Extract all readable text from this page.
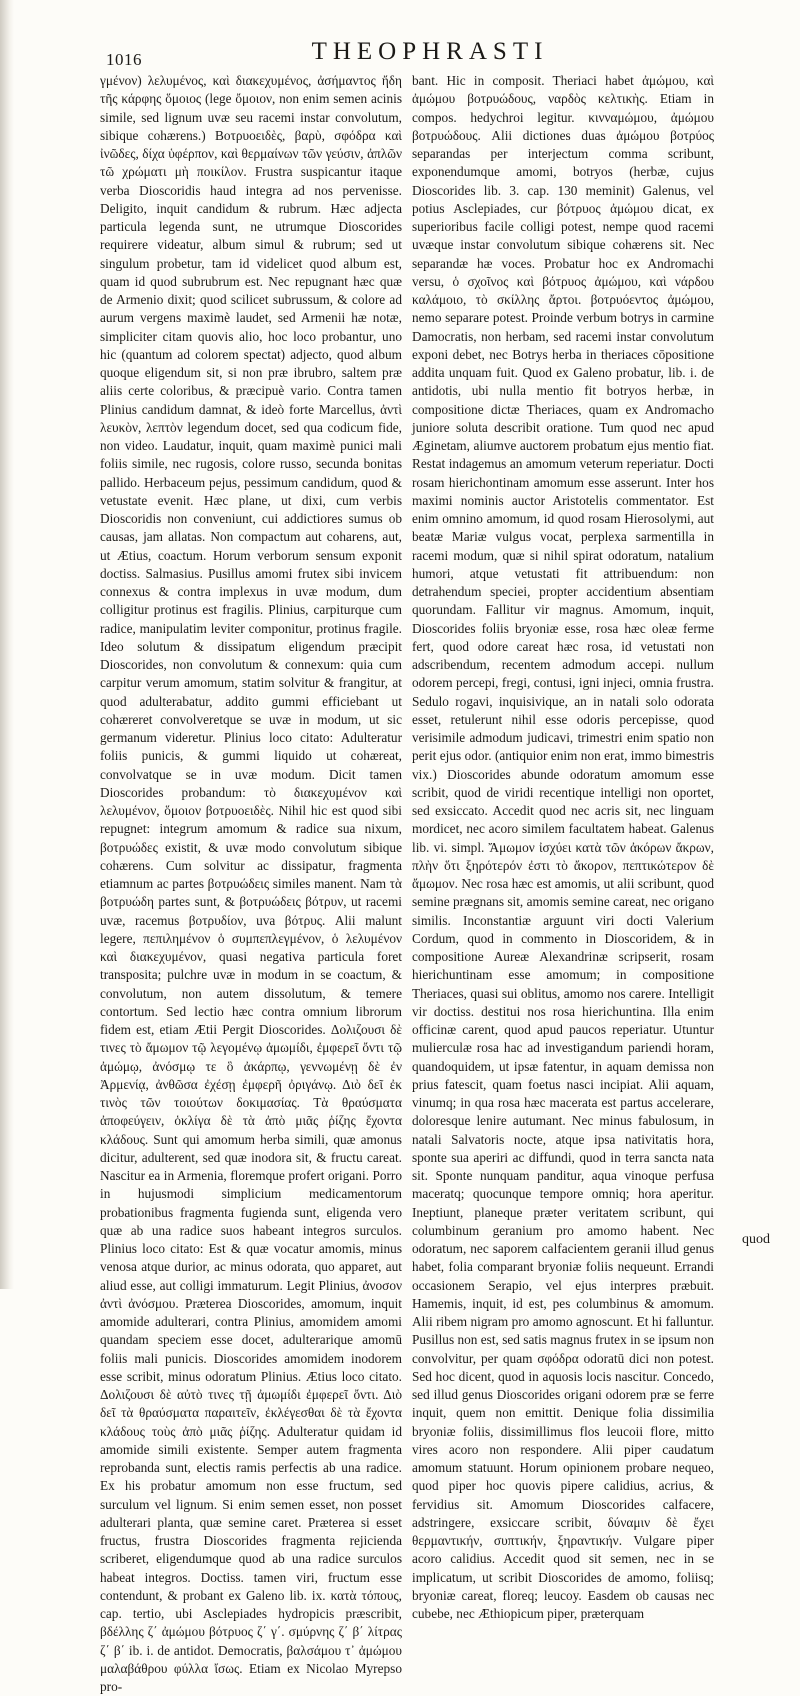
1016	THEOPHRASTI

γμένον) λελυμένος, καὶ διακεχυμένος, ἀσήμαντος ἤδη τῆς κάρφης ὅμοιος (lege ὄμοιον, non enim semen acinis simile, sed lignum uvæ seu racemi instar convolutum, sibique cohærens.) Βοτρυοειδὲς, βαρὺ, σφόδρα καὶ ἰνῶδες, δίχα ὑφέρπον, καὶ θερμαίνων τῶν γεύσιν, ἀπλῶν τῶ χρώματι μὴ ποικίλον. Frustra suspicantur itaque verba Dioscoridis haud integra ad nos pervenisse. Deligito, inquit candidum & rubrum. Hæc adjecta particula legenda sunt, ne utrumque Dioscorides requirere videatur, album simul & rubrum; sed ut singulum probetur, tam id videlicet quod album est, quam id quod subrubrum est. Nec repugnant hæc quæ de Armenio dixit; quod scilicet subrussum, & colore ad aurum vergens maximè laudet, sed Armenii hæ notæ, simpliciter citam quovis alio, hoc loco probantur, uno hic (quantum ad colorem spectat) adjecto, quod album quoque eligendum sit, si non præ ibrubro, saltem præ aliis certe coloribus, & præcipuè vario. Contra tamen Plinius candidum damnat, & ideò forte Marcellus, ἀντὶ λευκὸν, λεπτὸν legendum docet, sed qua codicum fide, non video. Laudatur, inquit, quam maximè punici mali foliis simile, nec rugosis, colore russo, secunda bonitas pallido. Herbaceum pejus, pessimum candidum, quod & vetustate evenit. Hæc plane, ut dixi, cum verbis Dioscoridis non conveniunt, cui addictiores sumus ob causas, jam allatas. Non compactum aut coharens, aut, ut Ætius, coactum. Horum verborum sensum exponit doctiss. Salmasius. Pusillus amomi frutex sibi invicem connexus & contra implexus in uvæ modum, dum colligitur protinus est fragilis. Plinius, carpiturque cum radice, manipulatim leviter componitur, protinus fragile. Ideo solutum & dissipatum eligendum præcipit Dioscorides, non convolutum & connexum: quia cum carpitur verum amomum, statim solvitur & frangitur, at quod adulterabatur, addito gummi efficiebant ut cohæreret convolveretque se uvæ in modum, ut sic germanum videretur. Plinius loco citato: Adulteratur foliis punicis, & gummi liquido ut cohæreat, convolvatque se in uvæ modum. Dicit tamen Dioscorides probandum: τὸ διακεχυμένον καὶ λελυμένον, ὅμοιον βοτρυοειδὲς. Nihil hic est quod sibi repugnet: integrum amomum & radice sua nixum, βοτρυώδες existit, & uvæ modo convolutum sibique cohærens. Cum solvitur ac dissipatur, fragmenta etiamnum ac partes βοτρυώδεις similes manent. Nam τὰ βοτρυώδη partes sunt, & βοτρυώδεις βότρυν, ut racemi uvæ, racemus βοτρυδίον, uva βότρυς. Alii malunt legere, πεπιλημένον ὁ συμπεπλεγμένον, ὁ λελυμένον καὶ διακεχυμένον, quasi negativa particula foret transposita; pulchre uvæ in modum in se coactum, & convolutum, non autem dissolutum, & temere contortum. Sed lectio hæc contra omnium librorum fidem est, etiam Ætii Pergit Dioscorides. Δολιζουσι δὲ τινες τὸ ἄμωμον τῷ λεγομένῳ ἀμωμίδι, ἐμφερεῖ ὄντι τῷ ἀμώμῳ, ἀνόσμῳ τε ὃ ἀκάρπῳ, γεννωμένῃ δὲ ἐν Ἀρμενίᾳ, ἀνθῶσα ἐχέσῃ ἐμφερῆ ὀριγάνῳ. Διὸ δεῖ ἐκ τινὸς τῶν τοιούτων δοκιμασίας. Τὰ θραύσματα ἀποφεύγειν, ὁκλίγα δὲ τὰ ἀπὸ μιᾶς ῥίζης ἔχοντα κλάδους. Sunt qui amomum herba simili, quæ amonus dicitur, adulterent, sed quæ inodora sit, & fructu careat. Nascitur ea in Armenia, floremque profert origani. Porro in hujusmodi simplicium medicamentorum probationibus fragmenta fugienda sunt, eligenda vero quæ ab una radice suos habeant integros surculos. Plinius loco citato: Est & quæ vocatur amomis, minus venosa atque durior, ac minus odorata, quo apparet, aut aliud esse, aut colligi immaturum. Legit Plinius, ἀνοσον ἀντὶ ἀνόσμου. Præterea Dioscorides, amomum, inquit amomide adulterari, contra Plinius, amomidem amomi quandam speciem esse docet, adulterarique amomū foliis mali punicis. Dioscorides amomidem inodorem esse scribit, minus odoratum Plinius. Ætius loco citato. Δολιζουσι δὲ αὐτὸ τινες τῇ ἀμωμίδι ἐμφερεῖ ὄντι. Διὸ δεῖ τὰ θραύσματα παραιτεῖν, ἐκλέγεσθαι δὲ τὰ ἔχοντα κλάδους τοὺς ἀπὸ μιᾶς ῥίζης. Adulteratur quidam id amomide simili existente. Semper autem fragmenta reprobanda sunt, electis ramis perfectis ab una radice. Ex his probatur amomum non esse fructum, sed surculum vel lignum. Si enim semen esset, non posset adulterari planta, quæ semine caret. Præterea si esset fructus, frustra Dioscorides fragmenta rejicienda scriberet, eligendumque quod ab una radice surculos habeat integros. Doctiss. tamen viri, fructum esse contendunt, & probant ex Galeno lib. ix. κατὰ τόπους, cap. tertio, ubi Asclepiades hydropicis præscribit, βδέλλης ζ΄ ἀμώμου βότρυος ζ΄ γ΄. σμύρνης ζ΄ β΄ λίτρας ζ΄ β΄ ib. i. de antidot. Democratis, βαλσάμου τ᾽ ἀμώμου μαλαβάθρου φύλλα ἴσως. Etiam ex Nicolao Myrepso pro-

bant. Hic in composit. Theriaci habet ἀμώμου, καὶ ἀμώμου βοτρυώδους, ναρδὸς κελτικὴς. Etiam in compos. hedychroi legitur. κινναμώμου, ἀμώμου βοτρυώδους. Alii dictiones duas ἀμώμου βοτρύος separandas per interjectum comma scribunt, exponendumque amomi, botryos (herbæ, cujus Dioscorides lib. 3. cap. 130 meminit) Galenus, vel potius Asclepiades, cur βότρυος ἀμώμου dicat, ex superioribus facile colligi potest, nempe quod racemi uvæque instar convolutum sibique cohærens sit. Nec separandæ hæ voces. Probatur hoc ex Andromachi versu, ὁ σχοῖνος καὶ βότρυος ἀμώμου, καὶ νάρδου καλάμοιο, τὸ σκίλλης ἄρτοι. βοτρυόεντος ἀμώμου, nemo separare potest. Proinde verbum botrys in carmine Damocratis, non herbam, sed racemi instar convolutum exponi debet, nec Botrys herba in theriaces cōpositione addita unquam fuit. Quod ex Galeno probatur, lib. i. de antidotis, ubi nulla mentio fit botryos herbæ, in compositione dictæ Theriaces, quam ex Andromacho juniore soluta describit oratione. Tum quod nec apud Æginetam, aliumve auctorem probatum ejus mentio fiat. Restat indagemus an amomum veterum reperiatur. Docti rosam hierichontinam amomum esse asserunt. Inter hos maximi nominis auctor Aristotelis commentator. Est enim omnino amomum, id quod rosam Hierosolymi, aut beatæ Mariæ vulgus vocat, perplexa sarmentilla in racemi modum, quæ si nihil spirat odoratum, natalium humori, atque vetustati fit attribuendum: non detrahendum speciei, propter accidentium absentiam quorundam. Fallitur vir magnus. Amomum, inquit, Dioscorides foliis bryoniæ esse, rosa hæc oleæ ferme fert, quod odore careat hæc rosa, id vetustati non adscribendum, recentem admodum accepi. nullum odorem percepi, fregi, contusi, igni injeci, omnia frustra. Sedulo rogavi, inquisivique, an in natali solo odorata esset, retulerunt nihil esse odoris percepisse, quod verisimile admodum judicavi, trimestri enim spatio non perit ejus odor. (antiquior enim non erat, immo bimestris vix.) Dioscorides abunde odoratum amomum esse scribit, quod de viridi recentique intelligi non oportet, sed exsiccato. Accedit quod nec acris sit, nec linguam mordicet, nec acoro similem facultatem habeat. Galenus lib. vi. simpl. Ἄμωμον ἰσχύει κατὰ τῶν ἀκόρων ἄκρων, πλὴν ὅτι ξηρότερόν ἐστι τὸ ἄκορον, πεπτικώτερον δὲ ἄμωμον. Nec rosa hæc est amomis, ut alii scribunt, quod semine prægnans sit, amomis semine careat, nec origano similis. Inconstantiæ arguunt viri docti Valerium Cordum, quod in commento in Dioscoridem, & in compositione Aureæ Alexandrinæ scripserit, rosam hierichuntinam esse amomum; in compositione Theriaces, quasi sui oblitus, amomo nos carere. Intelligit vir doctiss. destitui nos rosa hierichuntina. Illa enim officinæ carent, quod apud paucos reperiatur. Utuntur mulierculæ rosa hac ad investigandum pariendi horam, quandoquidem, ut ipsæ fatentur, in aquam demissa non prius fatescit, quam foetus nasci incipiat. Alii aquam, vinumq; in qua rosa hæc macerata est partus accelerare, doloresque lenire autumant. Nec minus fabulosum, in natali Salvatoris nocte, atque ipsa nativitatis hora, sponte sua aperiri ac diffundi, quod in terra sancta nata sit. Sponte nunquam panditur, aqua vinoque perfusa maceratq; quocunque tempore omniq; hora aperitur. Ineptiunt, planeque præter veritatem scribunt, qui columbinum geranium pro amomo habent. Nec odoratum, nec saporem calfacientem geranii illud genus habet, folia comparant bryoniæ foliis nequeunt. Errandi occasionem Serapio, vel ejus interpres præbuit. Hamemis, inquit, id est, pes columbinus & amomum. Alii ribem nigram pro amomo agnoscunt. Et hi falluntur. Pusillus non est, sed satis magnus frutex in se ipsum non convolvitur, per quam σφόδρα odoratū dici non potest. Sed hoc dicent, quod in aquosis locis nascitur. Concedo, sed illud genus Dioscorides origani odorem præ se ferre inquit, quem non emittit. Denique folia dissimilia bryoniæ foliis, dissimillimus flos leucoii flore, mitto vires acoro non respondere. Alii piper caudatum amomum statuunt. Horum opinionem probare nequeo, quod piper hoc quovis pipere calidius, acrius, & fervidius sit. Amomum Dioscorides calfacere, adstringere, exsiccare scribit, δύναμιν δὲ ἔχει θερμαντικήν, συπτικήν, ξηραντικήν. Vulgare piper acoro calidius. Accedit quod sit semen, nec in se implicatum, ut scribit Dioscorides de amomo, foliisq; bryoniæ careat, floreq; leucoy. Easdem ob causas nec cubebe, nec Æthiopicum piper, præterquam

quod
